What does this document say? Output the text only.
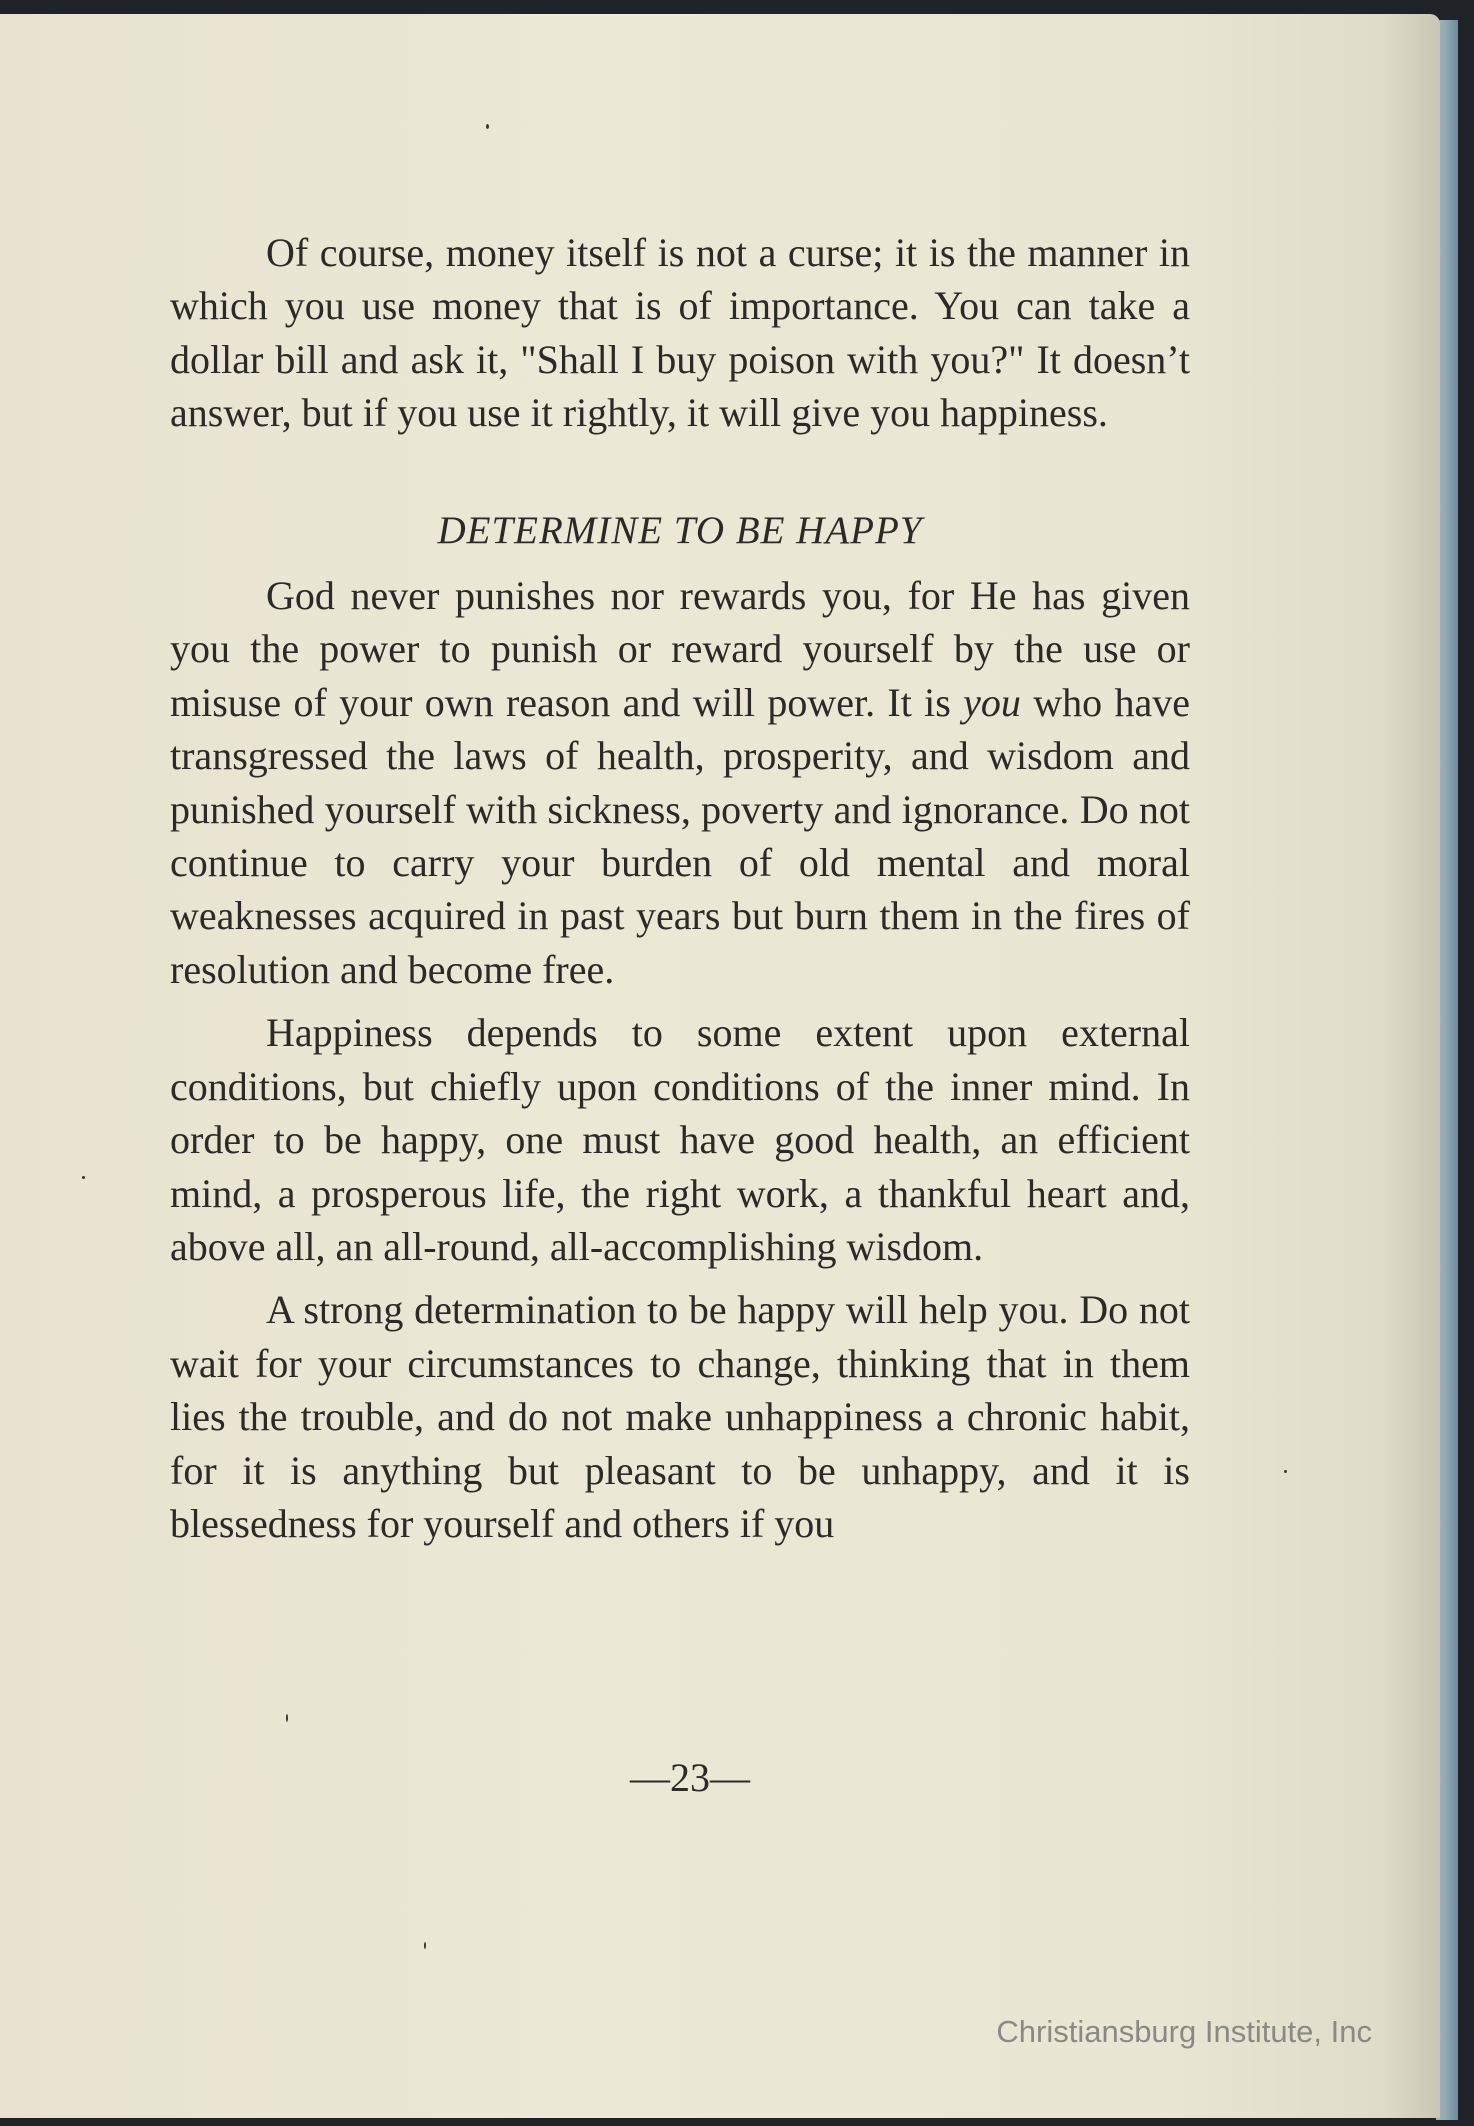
Of course, money itself is not a curse; it is the manner in which you use money that is of importance. You can take a dollar bill and ask it, "Shall I buy poison with you?" It doesn’t answer, but if you use it rightly, it will give you happiness.

DETERMINE TO BE HAPPY

God never punishes nor rewards you, for He has given you the power to punish or reward yourself by the use or misuse of your own reason and will power. It is you who have transgressed the laws of health, prosperity, and wisdom and punished yourself with sickness, poverty and ignorance. Do not continue to carry your burden of old mental and moral weaknesses acquired in past years but burn them in the fires of resolution and become free.

Happiness depends to some extent upon external conditions, but chiefly upon conditions of the inner mind. In order to be happy, one must have good health, an efficient mind, a prosperous life, the right work, a thankful heart and, above all, an all-round, all-accomplishing wisdom.

A strong determination to be happy will help you. Do not wait for your circumstances to change, thinking that in them lies the trouble, and do not make unhappiness a chronic habit, for it is anything but pleasant to be unhappy, and it is blessedness for yourself and others if you

—23—
Christiansburg Institute, Inc
